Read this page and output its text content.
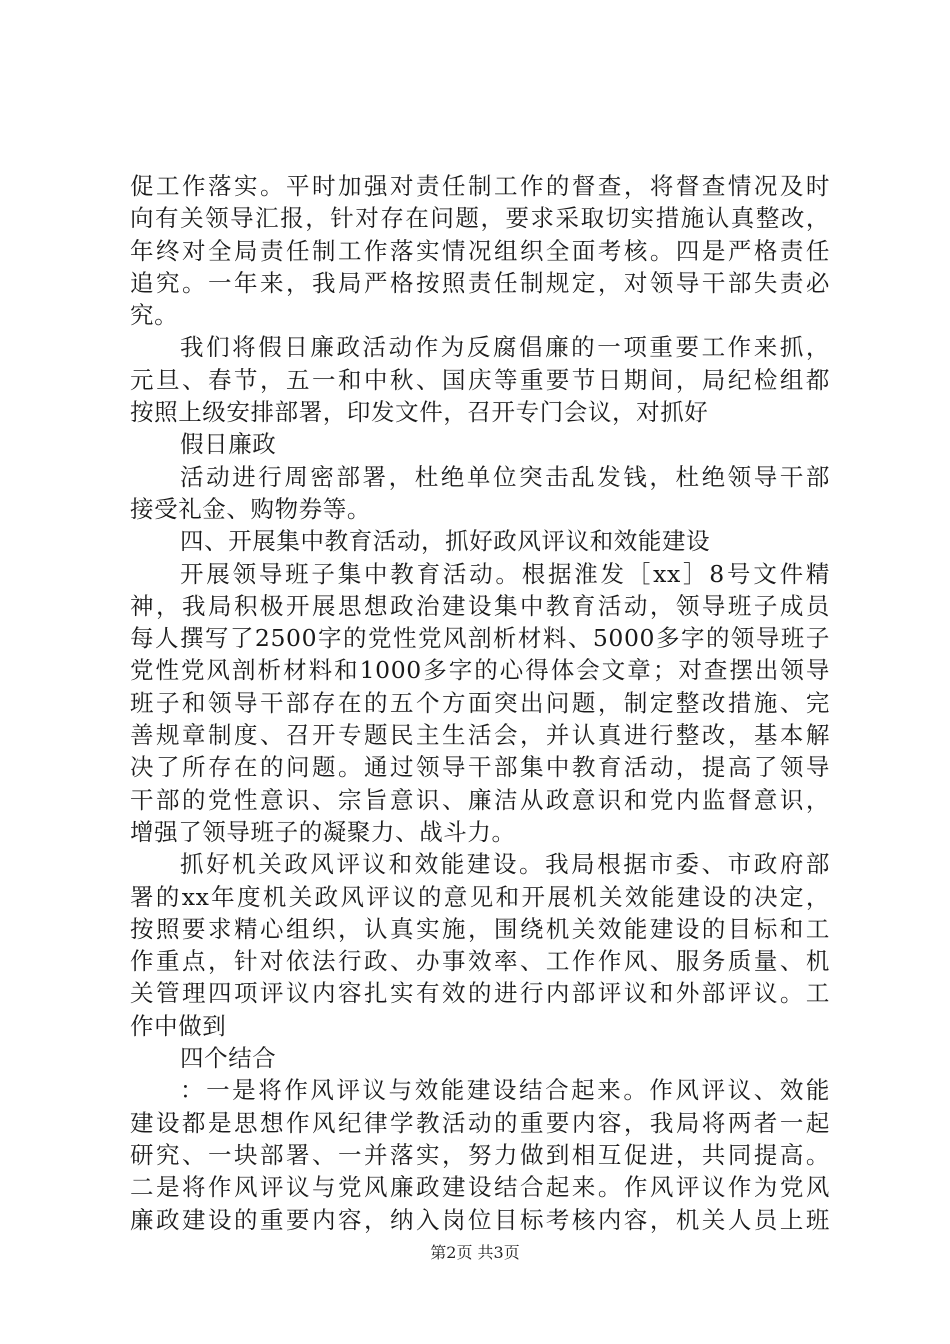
促工作落实。平时加强对责任制工作的督查，将督查情况及时
向有关领导汇报，针对存在问题，要求采取切实措施认真整改，
年终对全局责任制工作落实情况组织全面考核。四是严格责任
追究。一年来，我局严格按照责任制规定，对领导干部失责必
究。
我们将假日廉政活动作为反腐倡廉的一项重要工作来抓，
元旦、春节，五一和中秋、国庆等重要节日期间，局纪检组都
按照上级安排部署，印发文件，召开专门会议，对抓好
假日廉政
活动进行周密部署，杜绝单位突击乱发钱，杜绝领导干部
接受礼金、购物券等。
四、开展集中教育活动，抓好政风评议和效能建设
开展领导班子集中教育活动。根据淮发［xx］8号文件精
神，我局积极开展思想政治建设集中教育活动，领导班子成员
每人撰写了2500字的党性党风剖析材料、5000多字的领导班子
党性党风剖析材料和1000多字的心得体会文章；对查摆出领导
班子和领导干部存在的五个方面突出问题，制定整改措施、完
善规章制度、召开专题民主生活会，并认真进行整改，基本解
决了所存在的问题。通过领导干部集中教育活动，提高了领导
干部的党性意识、宗旨意识、廉洁从政意识和党内监督意识，
增强了领导班子的凝聚力、战斗力。
抓好机关政风评议和效能建设。我局根据市委、市政府部
署的xx年度机关政风评议的意见和开展机关效能建设的决定，
按照要求精心组织，认真实施，围绕机关效能建设的目标和工
作重点，针对依法行政、办事效率、工作作风、服务质量、机
关管理四项评议内容扎实有效的进行内部评议和外部评议。工
作中做到
四个结合
：一是将作风评议与效能建设结合起来。作风评议、效能
建设都是思想作风纪律学教活动的重要内容，我局将两者一起
研究、一块部署、一并落实，努力做到相互促进，共同提高。
二是将作风评议与党风廉政建设结合起来。作风评议作为党风
廉政建设的重要内容，纳入岗位目标考核内容，机关人员上班
第2页 共3页
